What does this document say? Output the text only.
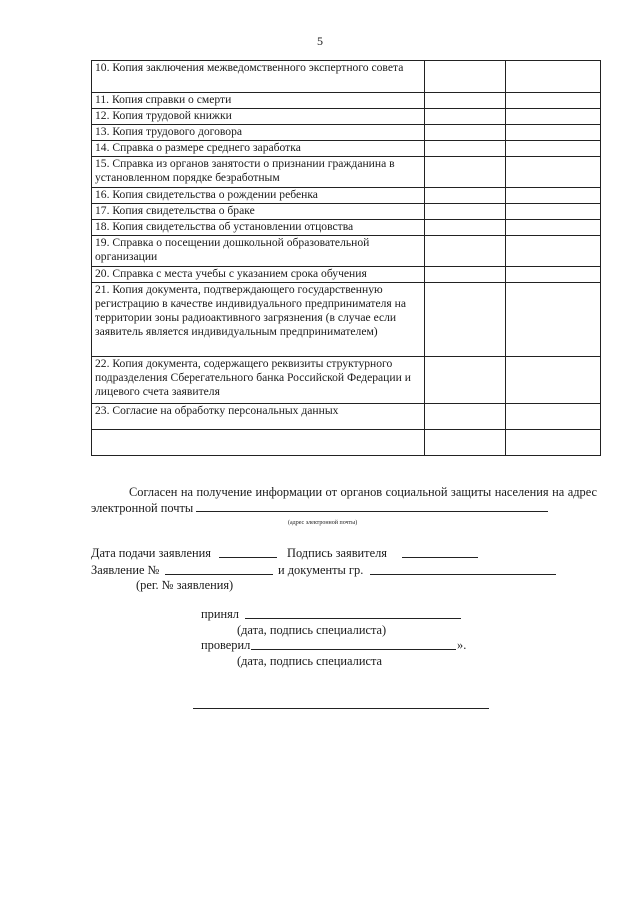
5
10. Копия заключения межведомственного экспертного совета		
11. Копия справки о смерти		
12. Копия трудовой книжки		
13. Копия трудового договора		
14. Справка о размере среднего заработка		
15. Справка из органов занятости о признании гражданина в установленном порядке безработным		
16. Копия свидетельства о рождении ребенка		
17. Копия свидетельства о браке		
18. Копия свидетельства об установлении отцовства		
19. Справка о посещении дошкольной образовательной организации		
20. Справка с места учебы с указанием срока обучения		
21. Копия документа, подтверждающего государственную регистрацию в качестве индивидуального предпринимателя на территории зоны радиоактивного загрязнения (в случае если заявитель является индивидуальным предпринимателем)		
22. Копия документа, содержащего реквизиты структурного подразделения Сберегательного банка Российской Федерации и лицевого счета заявителя		
23. Согласие на обработку персональных данных		

Согласен на получение информации от органов социальной защиты населения на адрес электронной почты
(адрес электронной почты)
Дата подачи заявления	Подпись заявителя
Заявление №	и документы гр.
(рег. № заявления)
принял
(дата, подпись специалиста)
проверил	».
(дата, подпись специалиста
